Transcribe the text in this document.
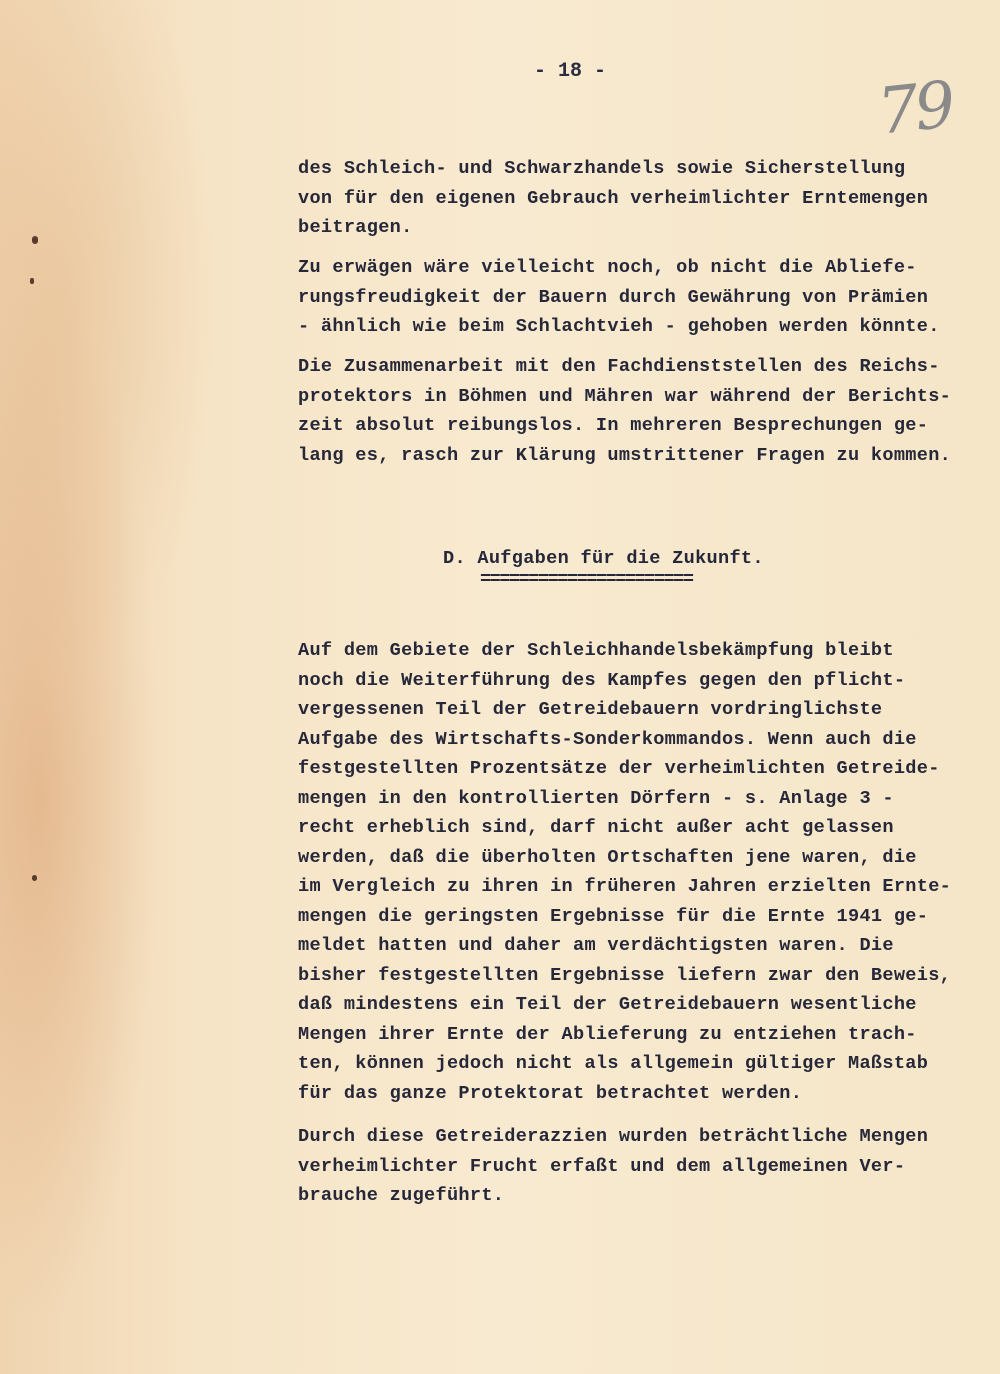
- 18 -	79
des Schleich- und Schwarzhandels sowie Sicherstellung
von für den eigenen Gebrauch verheimlichter Erntemengen
beitragen.
Zu erwägen wäre vielleicht noch, ob nicht die Abliefe-
rungsfreudigkeit der Bauern durch Gewährung von Prämien
- ähnlich wie beim Schlachtvieh - gehoben werden könnte.
Die Zusammenarbeit mit den Fachdienststellen des Reichs-
protektors in Böhmen und Mähren war während der Berichts-
zeit absolut reibungslos. In mehreren Besprechungen ge-
lang es, rasch zur Klärung umstrittener Fragen zu kommen.
D. Aufgaben für die Zukunft.
======================
Auf dem Gebiete der Schleichhandelsbekämpfung bleibt
noch die Weiterführung des Kampfes gegen den pflicht-
vergessenen Teil der Getreidebauern vordringlichste
Aufgabe des Wirtschafts-Sonderkommandos. Wenn auch die
festgestellten Prozentsätze der verheimlichten Getreide-
mengen in den kontrollierten Dörfern - s. Anlage 3 -
recht erheblich sind, darf nicht außer acht gelassen
werden, daß die überholten Ortschaften jene waren, die
im Vergleich zu ihren in früheren Jahren erzielten Ernte-
mengen die geringsten Ergebnisse für die Ernte 1941 ge-
meldet hatten und daher am verdächtigsten waren. Die
bisher festgestellten Ergebnisse liefern zwar den Beweis,
daß mindestens ein Teil der Getreidebauern wesentliche
Mengen ihrer Ernte der Ablieferung zu entziehen trach-
ten, können jedoch nicht als allgemein gültiger Maßstab
für das ganze Protektorat betrachtet werden.
Durch diese Getreiderazzien wurden beträchtliche Mengen
verheimlichter Frucht erfaßt und dem allgemeinen Ver-
brauche zugeführt.
